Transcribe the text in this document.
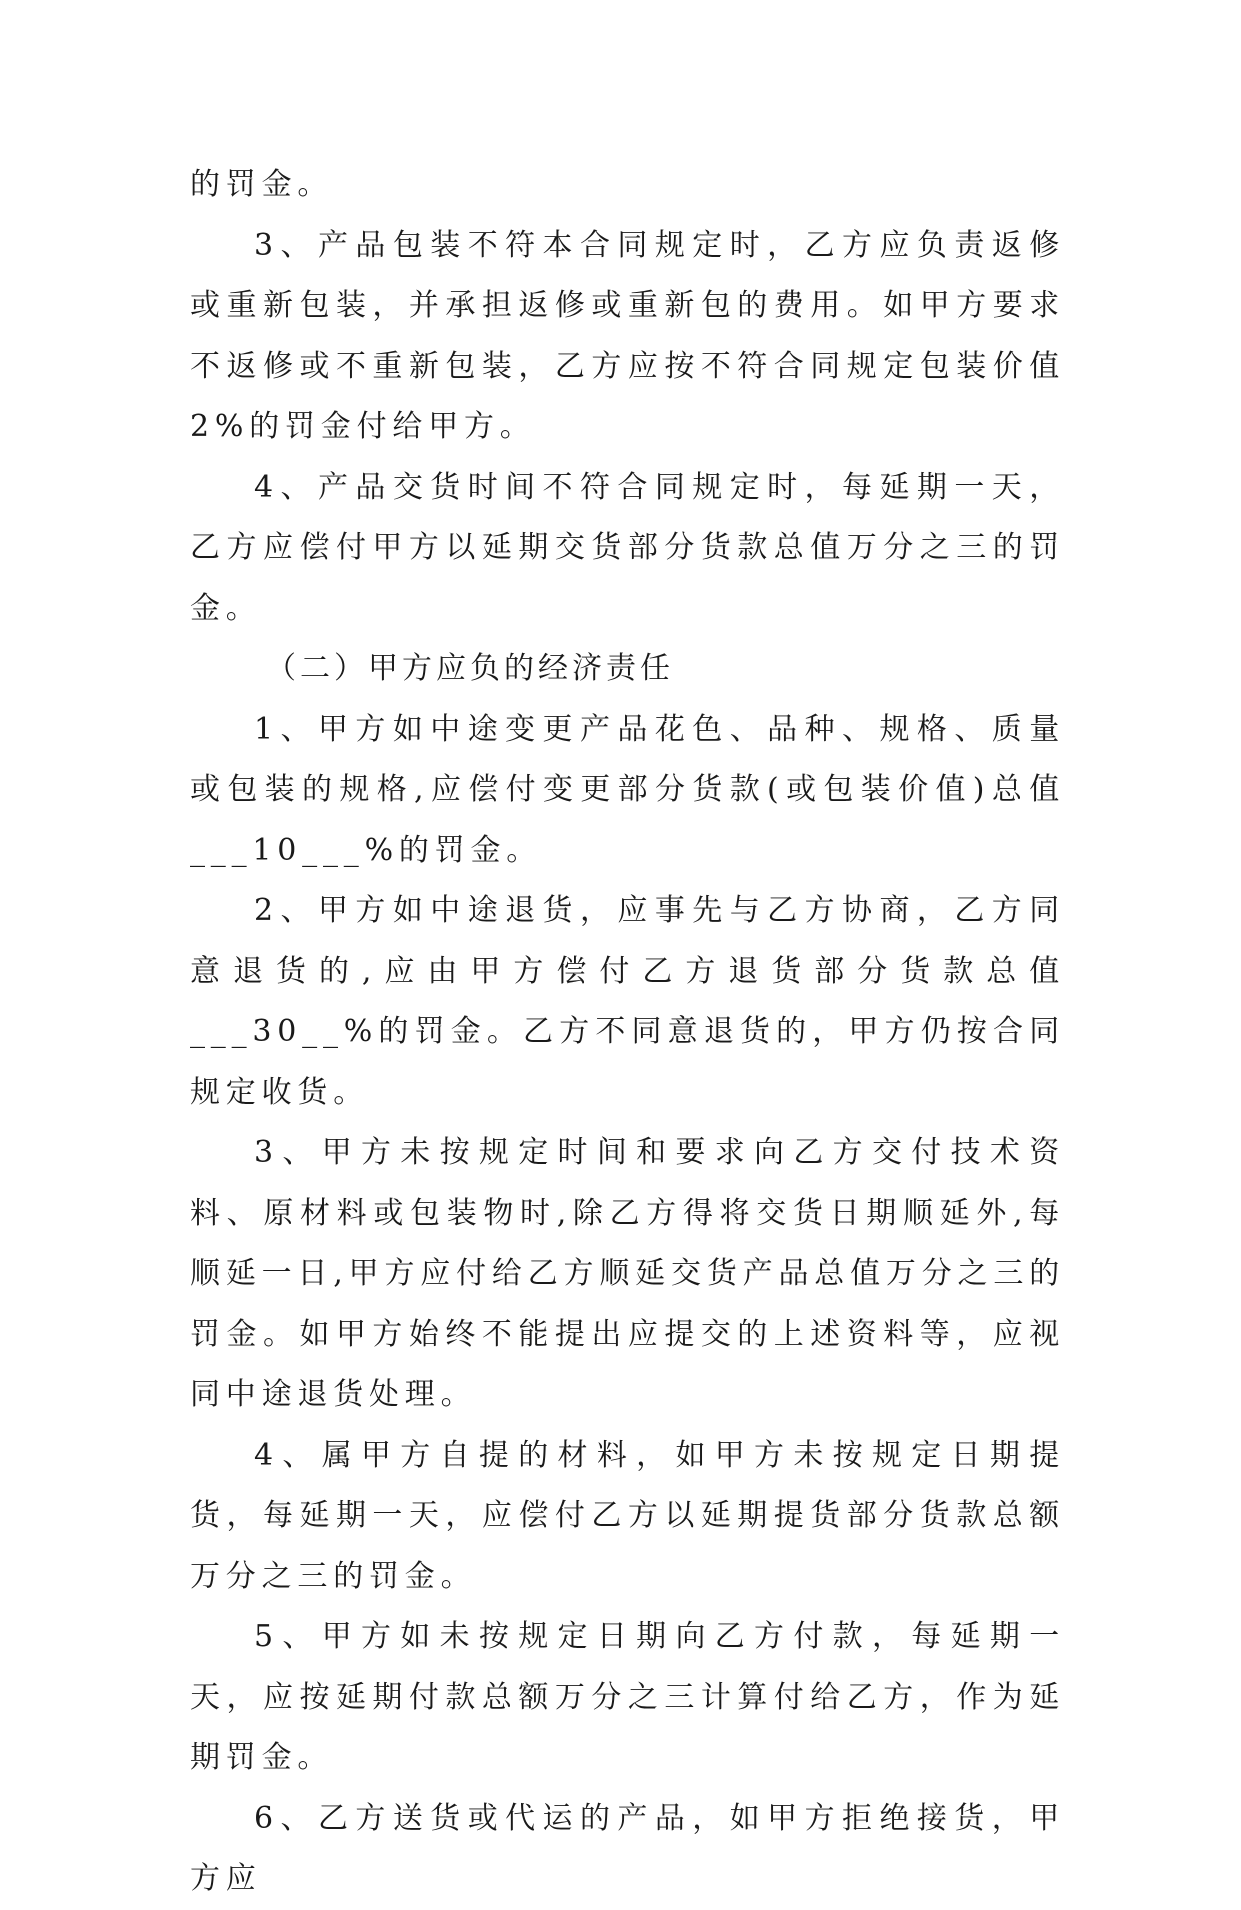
的罚金。

3、产品包装不符本合同规定时，乙方应负责返修或重新包装，并承担返修或重新包的费用。如甲方要求不返修或不重新包装，乙方应按不符合同规定包装价值2%的罚金付给甲方。

4、产品交货时间不符合同规定时，每延期一天，乙方应偿付甲方以延期交货部分货款总值万分之三的罚金。

（二）甲方应负的经济责任

1、甲方如中途变更产品花色、品种、规格、质量或包装的规格,应偿付变更部分货款(或包装价值)总值___10___%的罚金。

2、甲方如中途退货，应事先与乙方协商，乙方同意退货的,应由甲方偿付乙方退货部分货款总值___30__%的罚金。乙方不同意退货的，甲方仍按合同规定收货。

3、甲方未按规定时间和要求向乙方交付技术资料、原材料或包装物时,除乙方得将交货日期顺延外,每顺延一日,甲方应付给乙方顺延交货产品总值万分之三的罚金。如甲方始终不能提出应提交的上述资料等，应视同中途退货处理。

4、属甲方自提的材料，如甲方未按规定日期提货，每延期一天，应偿付乙方以延期提货部分货款总额万分之三的罚金。

5、甲方如未按规定日期向乙方付款，每延期一天，应按延期付款总额万分之三计算付给乙方，作为延期罚金。

6、乙方送货或代运的产品，如甲方拒绝接货，甲方应
